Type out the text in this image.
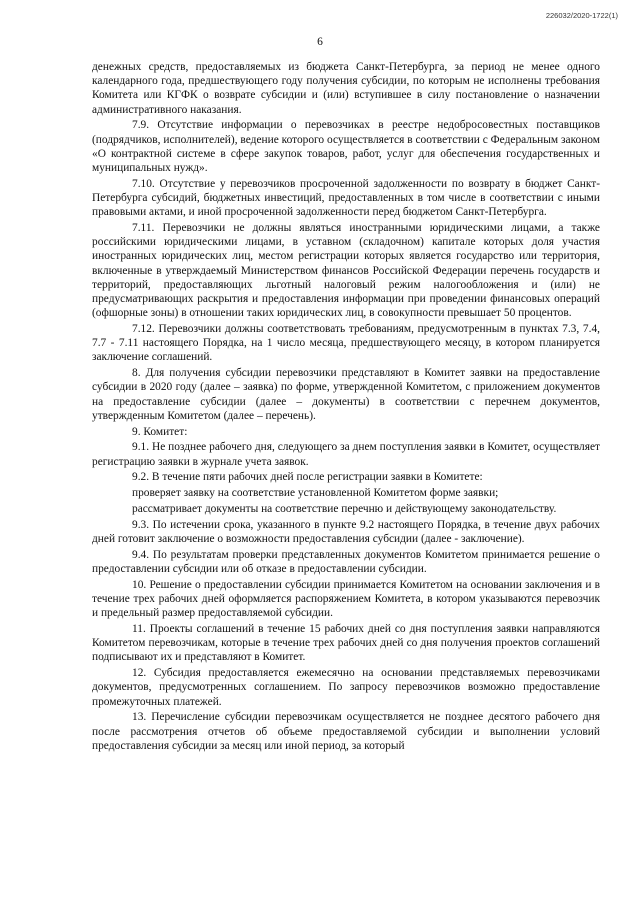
226032/2020-1722(1)
6

денежных средств, предоставляемых из бюджета Санкт-Петербурга, за период не менее одного календарного года, предшествующего году получения субсидии, по которым не исполнены требования Комитета или КГФК о возврате субсидии и (или) вступившее в силу постановление о назначении административного наказания.

7.9. Отсутствие информации о перевозчиках в реестре недобросовестных поставщиков (подрядчиков, исполнителей), ведение которого осуществляется в соответствии с Федеральным законом «О контрактной системе в сфере закупок товаров, работ, услуг для обеспечения государственных и муниципальных нужд».

7.10. Отсутствие у перевозчиков просроченной задолженности по возврату в бюджет Санкт-Петербурга субсидий, бюджетных инвестиций, предоставленных в том числе в соответствии с иными правовыми актами, и иной просроченной задолженности перед бюджетом Санкт-Петербурга.

7.11. Перевозчики не должны являться иностранными юридическими лицами, а также российскими юридическими лицами, в уставном (складочном) капитале которых доля участия иностранных юридических лиц, местом регистрации которых является государство или территория, включенные в утверждаемый Министерством финансов Российской Федерации перечень государств и территорий, предоставляющих льготный налоговый режим налогообложения и (или) не предусматривающих раскрытия и предоставления информации при проведении финансовых операций (офшорные зоны) в отношении таких юридических лиц, в совокупности превышает 50 процентов.

7.12. Перевозчики должны соответствовать требованиям, предусмотренным в пунктах 7.3, 7.4, 7.7 - 7.11 настоящего Порядка, на 1 число месяца, предшествующего месяцу, в котором планируется заключение соглашений.

8. Для получения субсидии перевозчики представляют в Комитет заявки на предоставление субсидии в 2020 году (далее – заявка) по форме, утвержденной Комитетом, с приложением документов на предоставление субсидии (далее – документы) в соответствии с перечнем документов, утвержденным Комитетом (далее – перечень).

9. Комитет:

9.1. Не позднее рабочего дня, следующего за днем поступления заявки в Комитет, осуществляет регистрацию заявки в журнале учета заявок.

9.2. В течение пяти рабочих дней после регистрации заявки в Комитете:

проверяет заявку на соответствие установленной Комитетом форме заявки;

рассматривает документы на соответствие перечню и действующему законодательству.

9.3. По истечении срока, указанного в пункте 9.2 настоящего Порядка, в течение двух рабочих дней готовит заключение о возможности предоставления субсидии (далее - заключение).

9.4. По результатам проверки представленных документов Комитетом принимается решение о предоставлении субсидии или об отказе в предоставлении субсидии.

10. Решение о предоставлении субсидии принимается Комитетом на основании заключения и в течение трех рабочих дней оформляется распоряжением Комитета, в котором указываются перевозчик и предельный размер предоставляемой субсидии.

11. Проекты соглашений в течение 15 рабочих дней со дня поступления заявки направляются Комитетом перевозчикам, которые в течение трех рабочих дней со дня получения проектов соглашений подписывают их и представляют в Комитет.

12. Субсидия предоставляется ежемесячно на основании представляемых перевозчиками документов, предусмотренных соглашением. По запросу перевозчиков возможно предоставление промежуточных платежей.

13. Перечисление субсидии перевозчикам осуществляется не позднее десятого рабочего дня после рассмотрения отчетов об объеме предоставляемой субсидии и выполнении условий предоставления субсидии за месяц или иной период, за который
